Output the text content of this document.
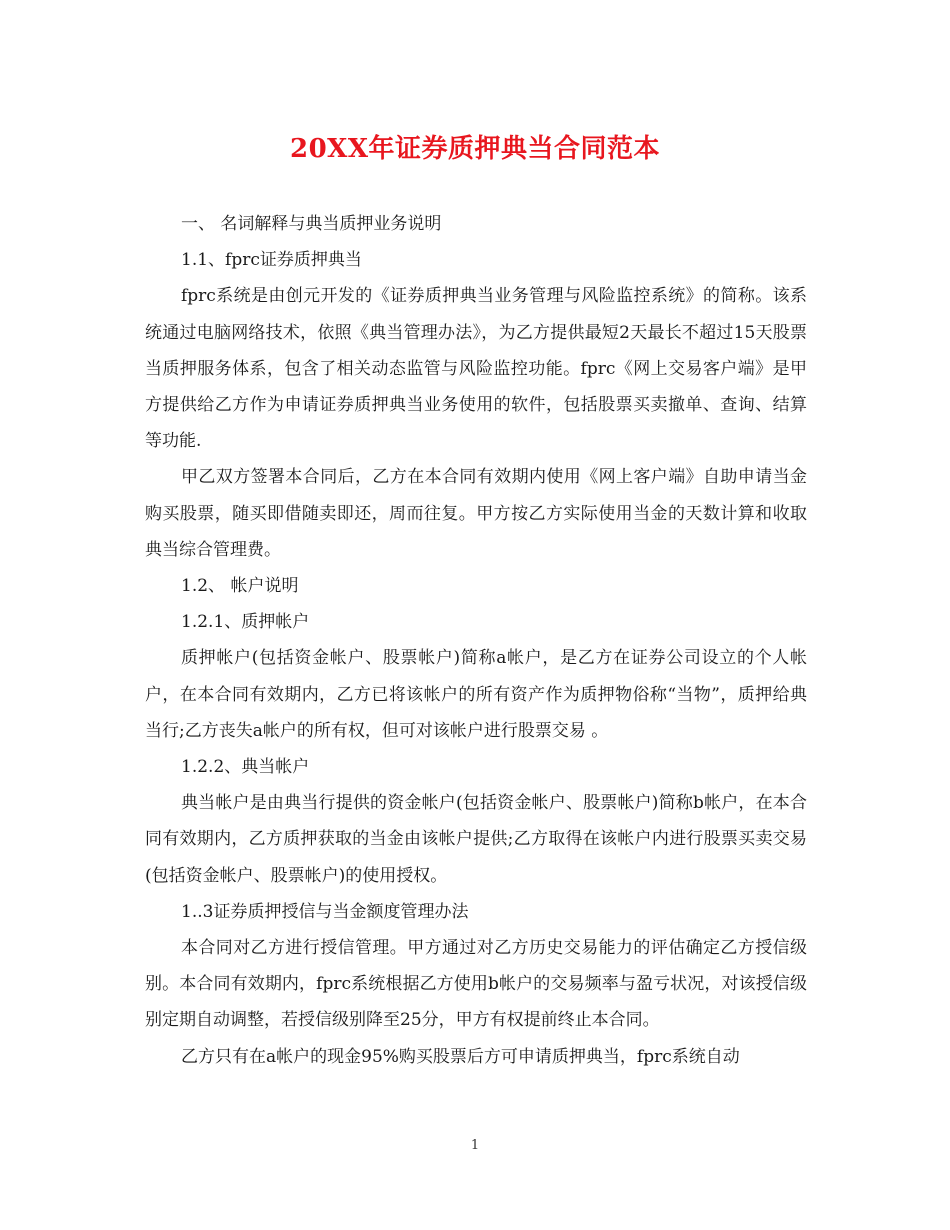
20XX年证券质押典当合同范本

一、 名词解释与典当质押业务说明

1.1、fprc证券质押典当

fprc系统是由创元开发的《证券质押典当业务管理与风险监控系统》的简称。该系统通过电脑网络技术，依照《典当管理办法》，为乙方提供最短2天最长不超过15天股票当质押服务体系，包含了相关动态监管与风险监控功能。fprc《网上交易客户端》是甲方提供给乙方作为申请证券质押典当业务使用的软件，包括股票买卖撤单、查询、结算等功能.

甲乙双方签署本合同后，乙方在本合同有效期内使用《网上客户端》自助申请当金购买股票，随买即借随卖即还，周而往复。甲方按乙方实际使用当金的天数计算和收取典当综合管理费。

1.2、 帐户说明

1.2.1、质押帐户

质押帐户(包括资金帐户、股票帐户)简称a帐户，是乙方在证券公司设立的个人帐户，在本合同有效期内，乙方已将该帐户的所有资产作为质押物俗称“当物”，质押给典当行;乙方丧失a帐户的所有权，但可对该帐户进行股票交易 。

1.2.2、典当帐户

典当帐户是由典当行提供的资金帐户(包括资金帐户、股票帐户)简称b帐户，在本合同有效期内，乙方质押获取的当金由该帐户提供;乙方取得在该帐户内进行股票买卖交易(包括资金帐户、股票帐户)的使用授权。

1..3证券质押授信与当金额度管理办法

本合同对乙方进行授信管理。甲方通过对乙方历史交易能力的评估确定乙方授信级别。本合同有效期内，fprc系统根据乙方使用b帐户的交易频率与盈亏状况，对该授信级别定期自动调整，若授信级别降至25分，甲方有权提前终止本合同。

乙方只有在a帐户的现金95%购买股票后方可申请质押典当，fprc系统自动

1
